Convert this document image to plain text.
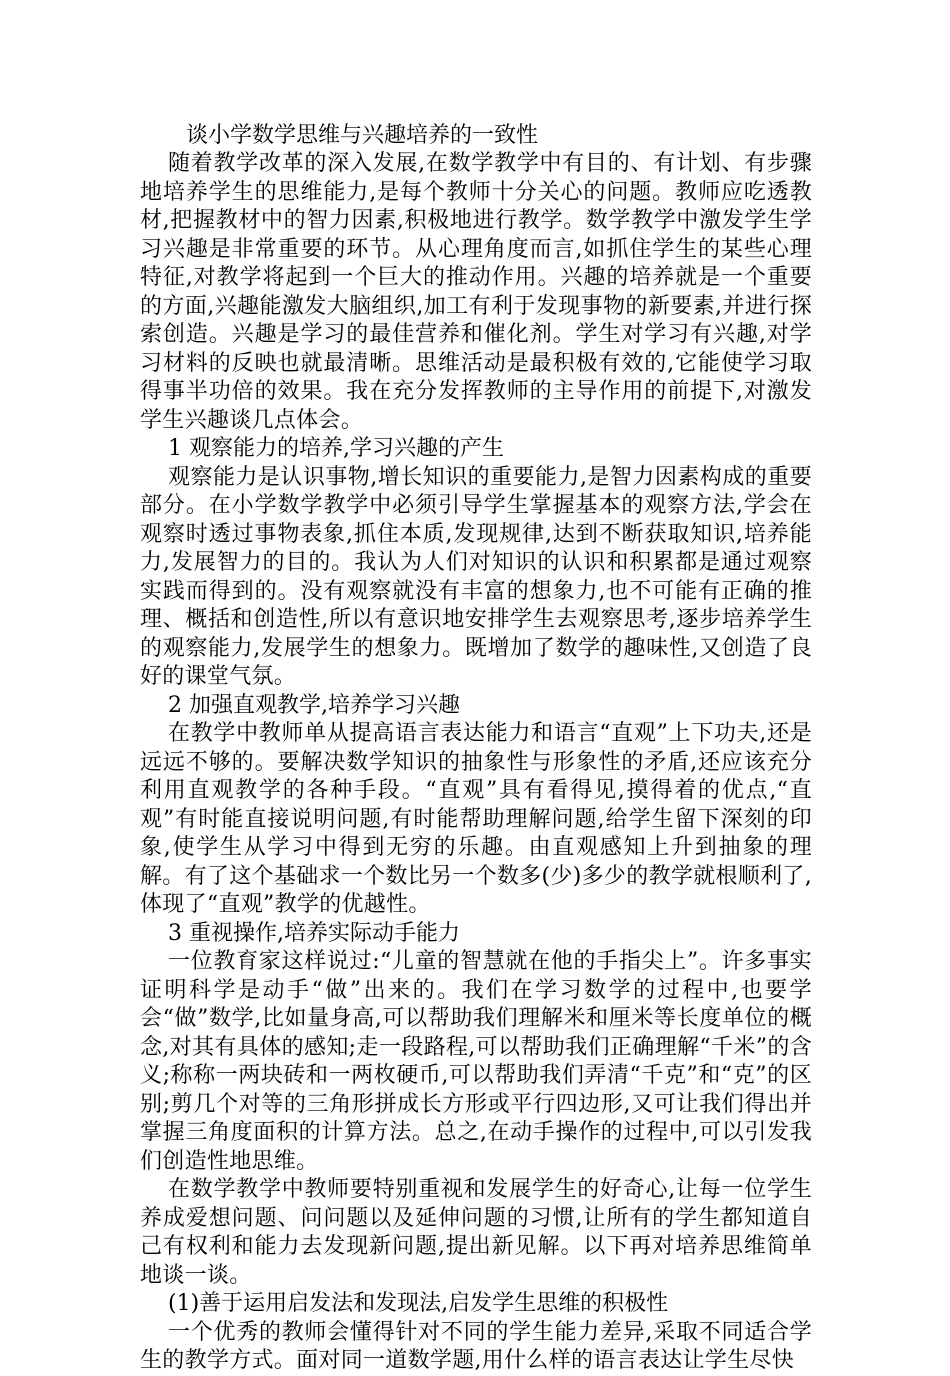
谈小学数学思维与兴趣培养的一致性

随着教学改革的深入发展,在数学教学中有目的、有计划、有步骤地培养学生的思维能力,是每个教师十分关心的问题。教师应吃透教材,把握教材中的智力因素,积极地进行教学。数学教学中激发学生学习兴趣是非常重要的环节。从心理角度而言,如抓住学生的某些心理特征,对教学将起到一个巨大的推动作用。兴趣的培养就是一个重要的方面,兴趣能激发大脑组织,加工有利于发现事物的新要素,并进行探索创造。兴趣是学习的最佳营养和催化剂。学生对学习有兴趣,对学习材料的反映也就最清晰。思维活动是最积极有效的,它能使学习取得事半功倍的效果。我在充分发挥教师的主导作用的前提下,对激发学生兴趣谈几点体会。

1 观察能力的培养,学习兴趣的产生

观察能力是认识事物,增长知识的重要能力,是智力因素构成的重要部分。在小学数学教学中必须引导学生掌握基本的观察方法,学会在观察时透过事物表象,抓住本质,发现规律,达到不断获取知识,培养能力,发展智力的目的。我认为人们对知识的认识和积累都是通过观察实践而得到的。没有观察就没有丰富的想象力,也不可能有正确的推理、概括和创造性,所以有意识地安排学生去观察思考,逐步培养学生的观察能力,发展学生的想象力。既增加了数学的趣味性,又创造了良好的课堂气氛。

2 加强直观教学,培养学习兴趣

在教学中教师单从提高语言表达能力和语言“直观”上下功夫,还是远远不够的。要解决数学知识的抽象性与形象性的矛盾,还应该充分利用直观教学的各种手段。“直观”具有看得见,摸得着的优点,“直观”有时能直接说明问题,有时能帮助理解问题,给学生留下深刻的印象,使学生从学习中得到无穷的乐趣。由直观感知上升到抽象的理解。有了这个基础求一个数比另一个数多(少)多少的教学就根顺利了,体现了“直观”教学的优越性。

3 重视操作,培养实际动手能力

一位教育家这样说过:“儿童的智慧就在他的手指尖上”。许多事实证明科学是动手“做”出来的。我们在学习数学的过程中,也要学会“做”数学,比如量身高,可以帮助我们理解米和厘米等长度单位的概念,对其有具体的感知;走一段路程,可以帮助我们正确理解“千米”的含义;称称一两块砖和一两枚硬币,可以帮助我们弄清“千克”和“克”的区别;剪几个对等的三角形拼成长方形或平行四边形,又可让我们得出并掌握三角度面积的计算方法。总之,在动手操作的过程中,可以引发我们创造性地思维。

在数学教学中教师要特别重视和发展学生的好奇心,让每一位学生养成爱想问题、问问题以及延伸问题的习惯,让所有的学生都知道自己有权利和能力去发现新问题,提出新见解。以下再对培养思维简单地谈一谈。

(1)善于运用启发法和发现法,启发学生思维的积极性

一个优秀的教师会懂得针对不同的学生能力差异,采取不同适合学生的教学方式。面对同一道数学题,用什么样的语言表达让学生尽快
